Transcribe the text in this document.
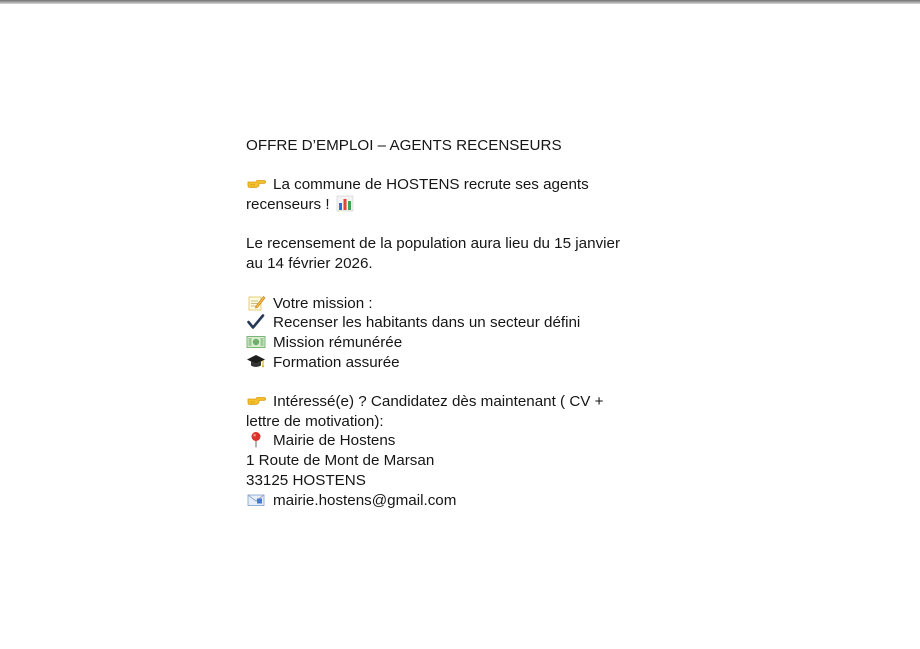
OFFRE D’EMPLOI – AGENTS RECENSEURS
La commune de HOSTENS recrute ses agents
recenseurs !
Le recensement de la population aura lieu du 15 janvier
au 14 février 2026.
Votre mission :
Recenser les habitants dans un secteur défini
Mission rémunérée
Formation assurée
Intéressé(e) ? Candidatez dès maintenant ( CV +
lettre de motivation):
Mairie de Hostens
1 Route de Mont de Marsan
33125 HOSTENS
mairie.hostens@gmail.com
